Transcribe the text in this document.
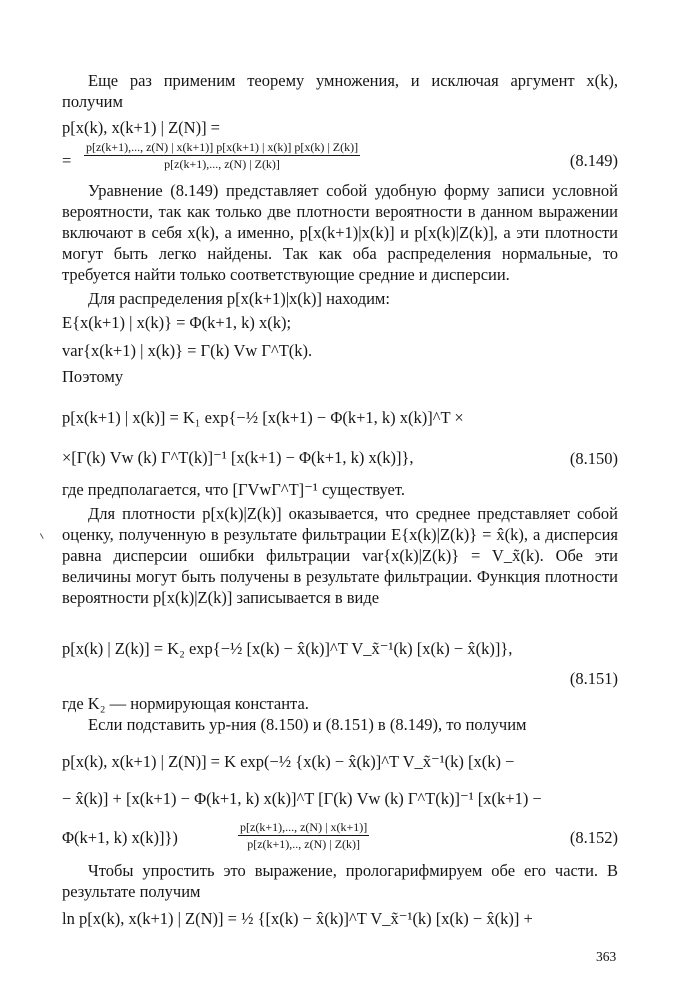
Еще раз применим теорему умножения, и исключая аргумент x(k), получим

p[x(k), x(k+1) | Z(N)] =
= $\frac{p[z(k+1),..., z(N) | x(k+1)] p[x(k+1) | x(k)] p[x(k) | Z(k)]}{p[z(k+1),..., z(N) | Z(k)]}$	(8.149)

Уравнение (8.149) представляет собой удобную форму записи условной вероятности, так как только две плотности вероятности в данном выражении включают в себя x(k), а именно, p[x(k+1)|x(k)] и p[x(k)|Z(k)], а эти плотности могут быть легко найдены. Так как оба распределения нормальные, то требуется найти только соответствующие средние и дисперсии.

Для распределения p[x(k+1)|x(k)] находим:

E{x(k+1) | x(k)} = Φ(k+1, k) x(k);
var{x(k+1) | x(k)} = Γ(k) Vw Γ^T(k).

Поэтому

p[x(k+1) | x(k)] = K₁ exp{−½ [x(k+1) − Φ(k+1, k) x(k)]^T ×
×[Γ(k) Vw (k) Γ^T(k)]⁻¹ [x(k+1) − Φ(k+1, k) x(k)]},	(8.150)

где предполагается, что [ΓVwΓ^T]⁻¹ существует.

Для плотности p[x(k)|Z(k)] оказывается, что среднее представляет собой оценку, полученную в результате фильтрации E{x(k)|Z(k)} = x̂(k), а дисперсия равна дисперсии ошибки фильтрации var{x(k)|Z(k)} = V_x̃(k). Обе эти величины могут быть получены в результате фильтрации. Функция плотности вероятности p[x(k)|Z(k)] записывается в виде

p[x(k) | Z(k)] = K₂ exp{−½ [x(k) − x̂(k)]^T V_x̃⁻¹(k) [x(k) − x̂(k)]},
(8.151)

где K₂ — нормирующая константа.

Если подставить ур-ния (8.150) и (8.151) в (8.149), то получим

p[x(k), x(k+1) | Z(N)] = K exp(−½ {x(k) − x̂(k)]^T V_x̃⁻¹(k) [x(k) −
− x̂(k)] + [x(k+1) − Φ(k+1, k) x(k)]^T [Γ(k) Vw (k) Γ^T(k)]⁻¹ [x(k+1) −
Φ(k+1, k) x(k)]})	$\frac{p[z(k+1),..., z(N) | x(k+1)]}{p[z(k+1),.., z(N) | Z(k)]}$	(8.152)

Чтобы упростить это выражение, прологарифмируем обе его части. В результате получим

ln p[x(k), x(k+1) | Z(N)] = ½ {[x(k) − x̂(k)]^T V_x̃⁻¹(k) [x(k) − x̂(k)] +
363
